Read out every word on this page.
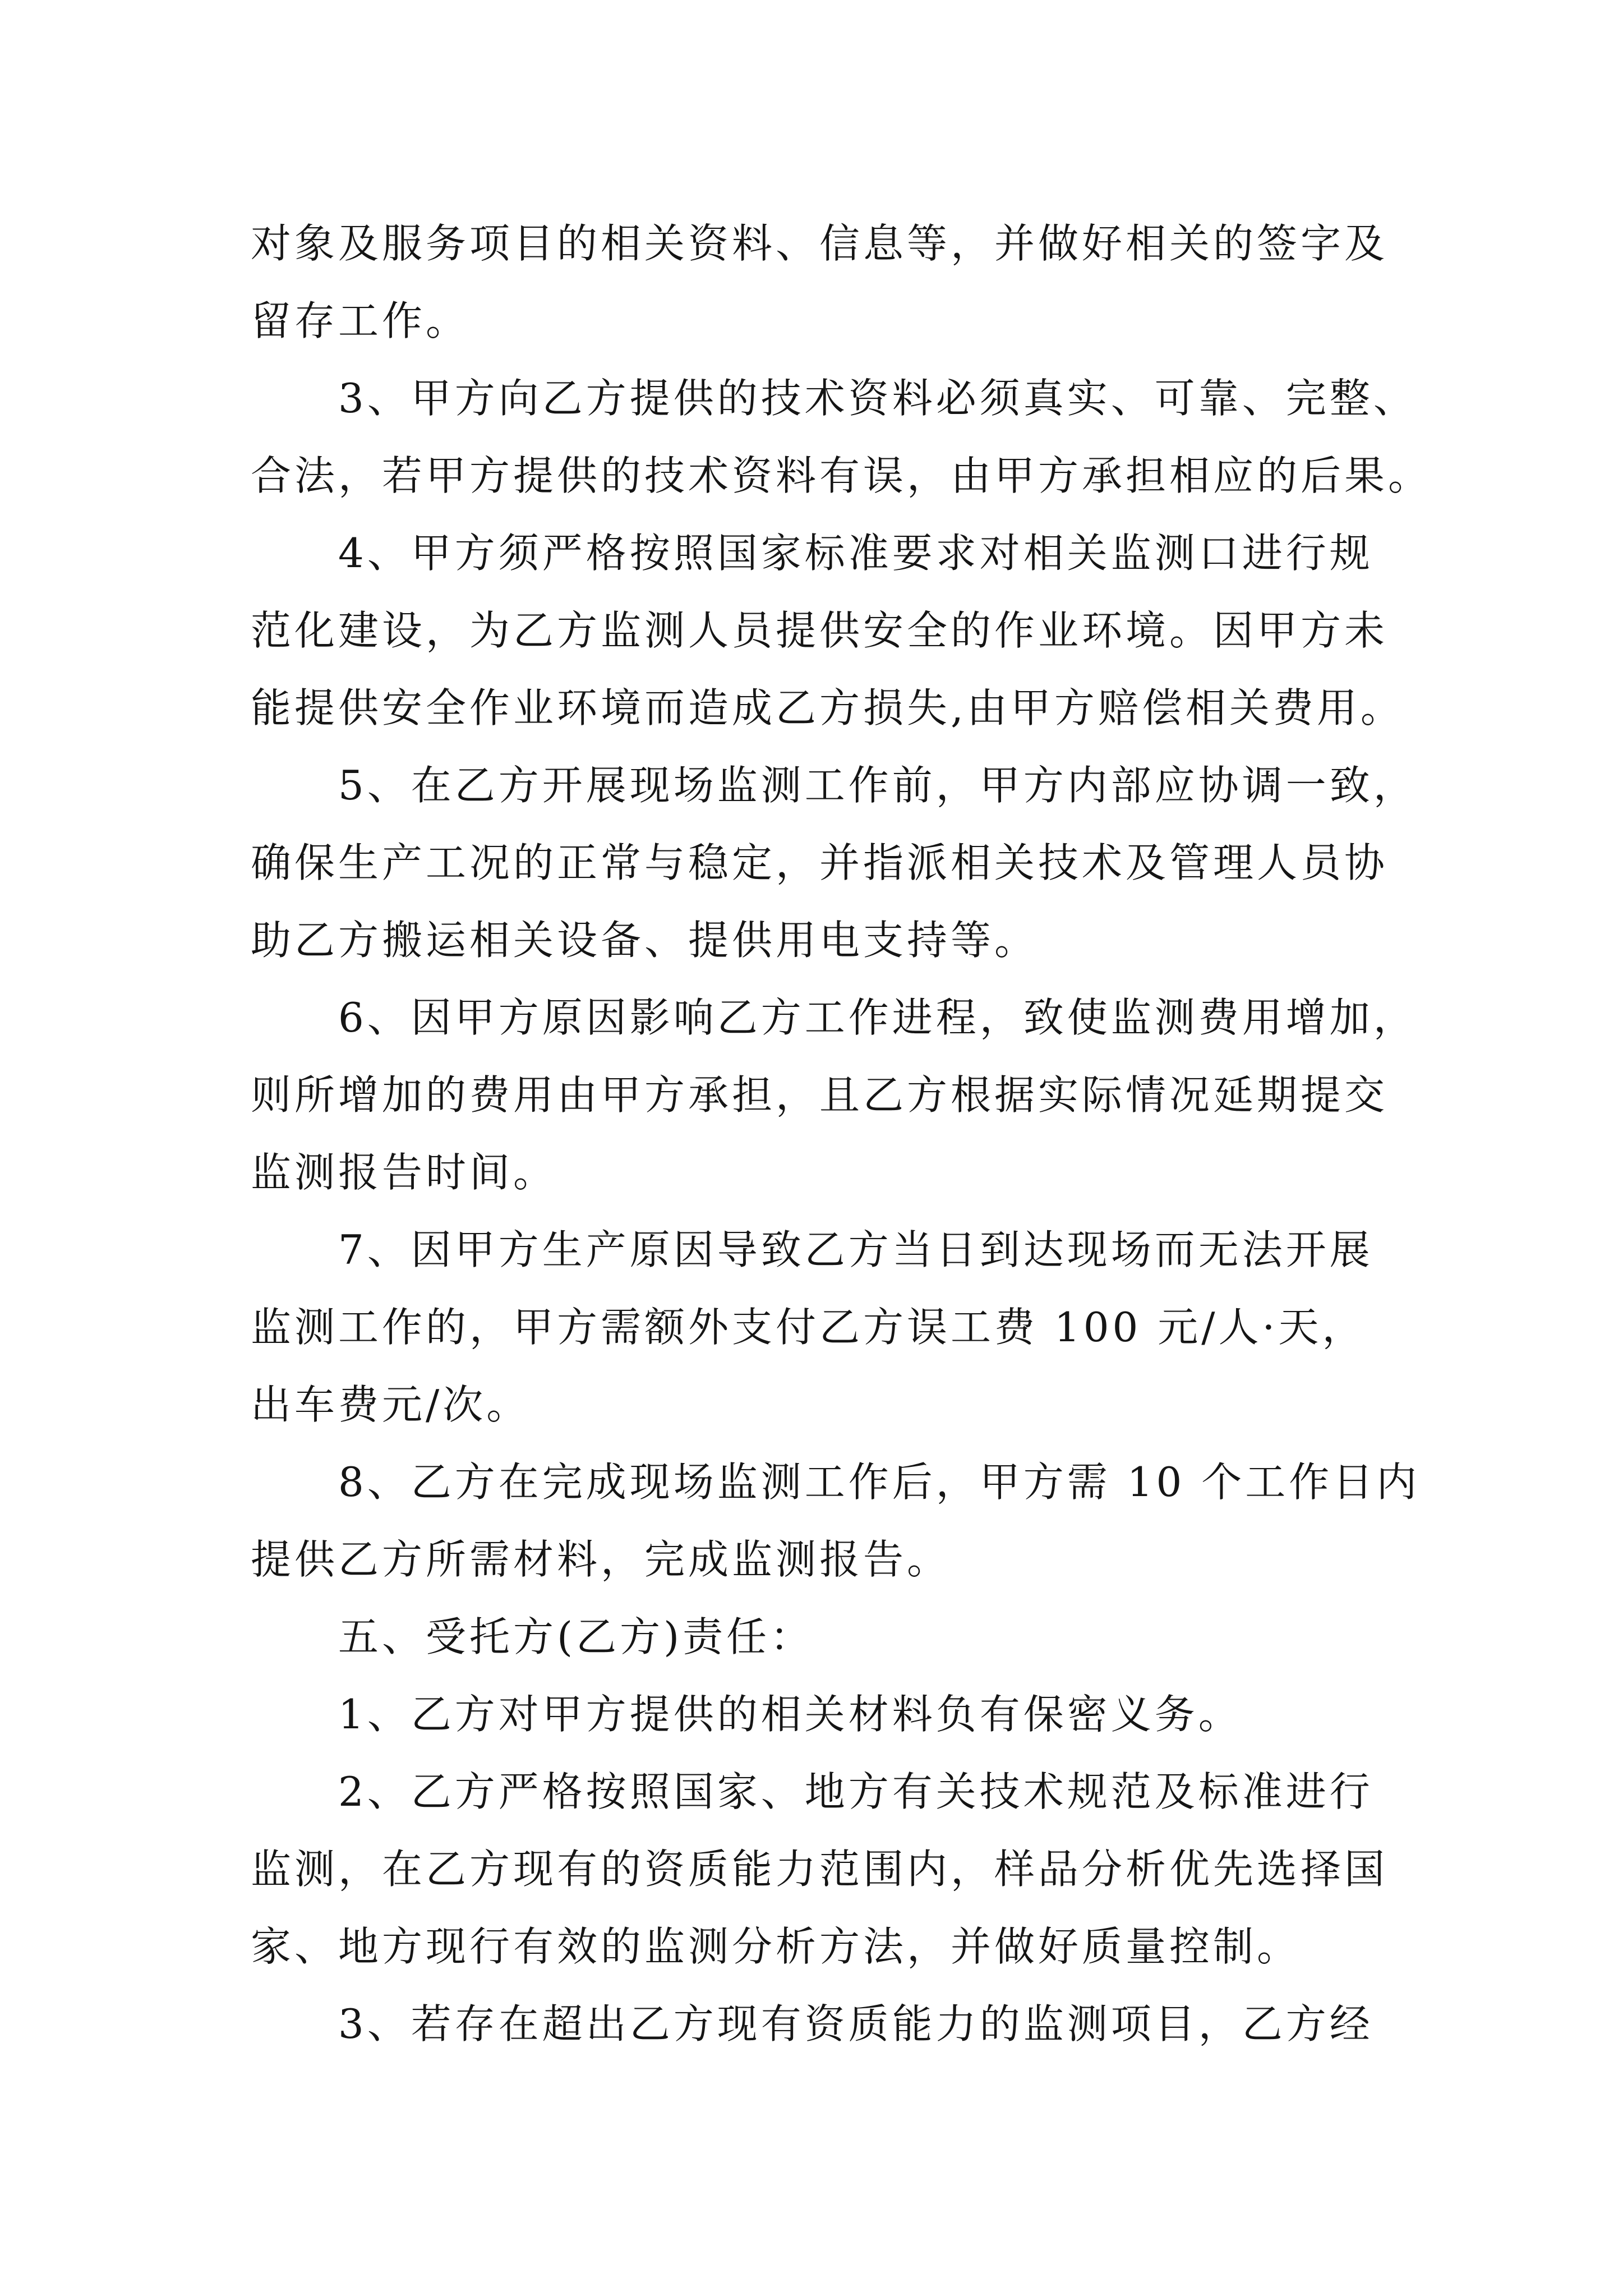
对象及服务项目的相关资料、信息等，并做好相关的签字及
留存工作。
3、甲方向乙方提供的技术资料必须真实、可靠、完整、
合法，若甲方提供的技术资料有误，由甲方承担相应的后果。
4、甲方须严格按照国家标准要求对相关监测口进行规
范化建设，为乙方监测人员提供安全的作业环境。因甲方未
能提供安全作业环境而造成乙方损失,由甲方赔偿相关费用。
5、在乙方开展现场监测工作前，甲方内部应协调一致，
确保生产工况的正常与稳定，并指派相关技术及管理人员协
助乙方搬运相关设备、提供用电支持等。
6、因甲方原因影响乙方工作进程，致使监测费用增加，
则所增加的费用由甲方承担，且乙方根据实际情况延期提交
监测报告时间。
7、因甲方生产原因导致乙方当日到达现场而无法开展
监测工作的，甲方需额外支付乙方误工费 100 元/人·天，
出车费元/次。
8、乙方在完成现场监测工作后，甲方需 10 个工作日内
提供乙方所需材料，完成监测报告。
五、受托方(乙方)责任：
1、乙方对甲方提供的相关材料负有保密义务。
2、乙方严格按照国家、地方有关技术规范及标准进行
监测，在乙方现有的资质能力范围内，样品分析优先选择国
家、地方现行有效的监测分析方法，并做好质量控制。
3、若存在超出乙方现有资质能力的监测项目，乙方经
